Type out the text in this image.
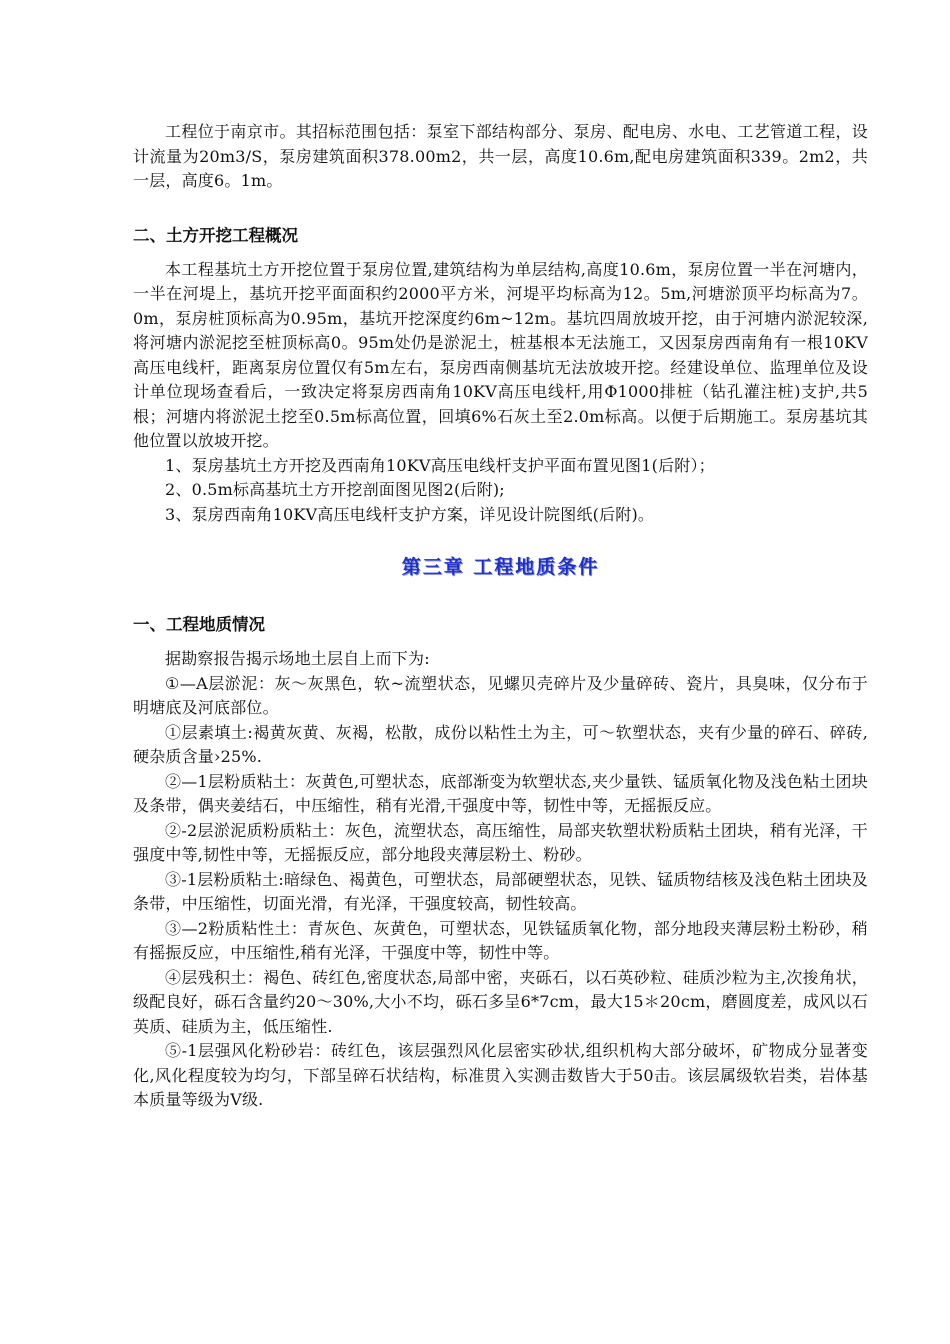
工程位于南京市。其招标范围包括：泵室下部结构部分、泵房、配电房、水电、工艺管道工程，设计流量为20m3/S，泵房建筑面积378.00m2，共一层，高度10.6m,配电房建筑面积339。2m2，共一层，高度6。1m。

二、土方开挖工程概况

本工程基坑土方开挖位置于泵房位置,建筑结构为单层结构,高度10.6m，泵房位置一半在河塘内，一半在河堤上，基坑开挖平面面积约2000平方米，河堤平均标高为12。5m,河塘淤顶平均标高为7。0m，泵房桩顶标高为0.95m，基坑开挖深度约6m~12m。基坑四周放坡开挖，由于河塘内淤泥较深,将河塘内淤泥挖至桩顶标高0。95m处仍是淤泥土，桩基根本无法施工，又因泵房西南角有一根10KV高压电线杆，距离泵房位置仅有5m左右，泵房西南侧基坑无法放坡开挖。经建设单位、监理单位及设计单位现场查看后，一致决定将泵房西南角10KV高压电线杆,用Φ1000排桩（钻孔灌注桩)支护,共5根；河塘内将淤泥土挖至0.5m标高位置，回填6%石灰土至2.0m标高。以便于后期施工。泵房基坑其他位置以放坡开挖。

1、泵房基坑土方开挖及西南角10KV高压电线杆支护平面布置见图1(后附）；

2、0.5m标高基坑土方开挖剖面图见图2(后附);

3、泵房西南角10KV高压电线杆支护方案，详见设计院图纸(后附)。

第三章 工程地质条件

一、工程地质情况

据勘察报告揭示场地土层自上而下为:

①—A层淤泥：灰～灰黑色，软~流塑状态，见螺贝壳碎片及少量碎砖、瓷片，具臭味，仅分布于明塘底及河底部位。

①层素填土:褐黄灰黄、灰褐，松散，成份以粘性土为主，可～软塑状态，夹有少量的碎石、碎砖,硬杂质含量›25%.

②—1层粉质粘土：灰黄色,可塑状态，底部渐变为软塑状态,夹少量铁、锰质氧化物及浅色粘土团块及条带，偶夹姜结石，中压缩性，稍有光滑,干强度中等，韧性中等，无摇振反应。

②-2层淤泥质粉质粘土：灰色，流塑状态，高压缩性，局部夹软塑状粉质粘土团块，稍有光泽，干强度中等,韧性中等，无摇振反应，部分地段夹薄层粉土、粉砂。

③-1层粉质粘土:暗绿色、褐黄色，可塑状态，局部硬塑状态，见铁、锰质物结核及浅色粘土团块及条带，中压缩性，切面光滑，有光泽，干强度较高，韧性较高。

③—2粉质粘性土：青灰色、灰黄色，可塑状态，见铁锰质氧化物，部分地段夹薄层粉土粉砂，稍有摇振反应，中压缩性,稍有光泽，干强度中等，韧性中等。

④层残积土：褐色、砖红色,密度状态,局部中密，夹砾石，以石英砂粒、硅质沙粒为主,次捘角状，级配良好，砾石含量约20～30%,大小不均，砾石多呈6*7cm，最大15＊20cm，磨圆度差，成风以石英质、硅质为主，低压缩性.

⑤-1层强风化粉砂岩：砖红色，该层强烈风化层密实砂状,组织机构大部分破坏，矿物成分显著变化,风化程度较为均匀，下部呈碎石状结构，标准贯入实测击数皆大于50击。该层属级软岩类，岩体基本质量等级为Ⅴ级.
